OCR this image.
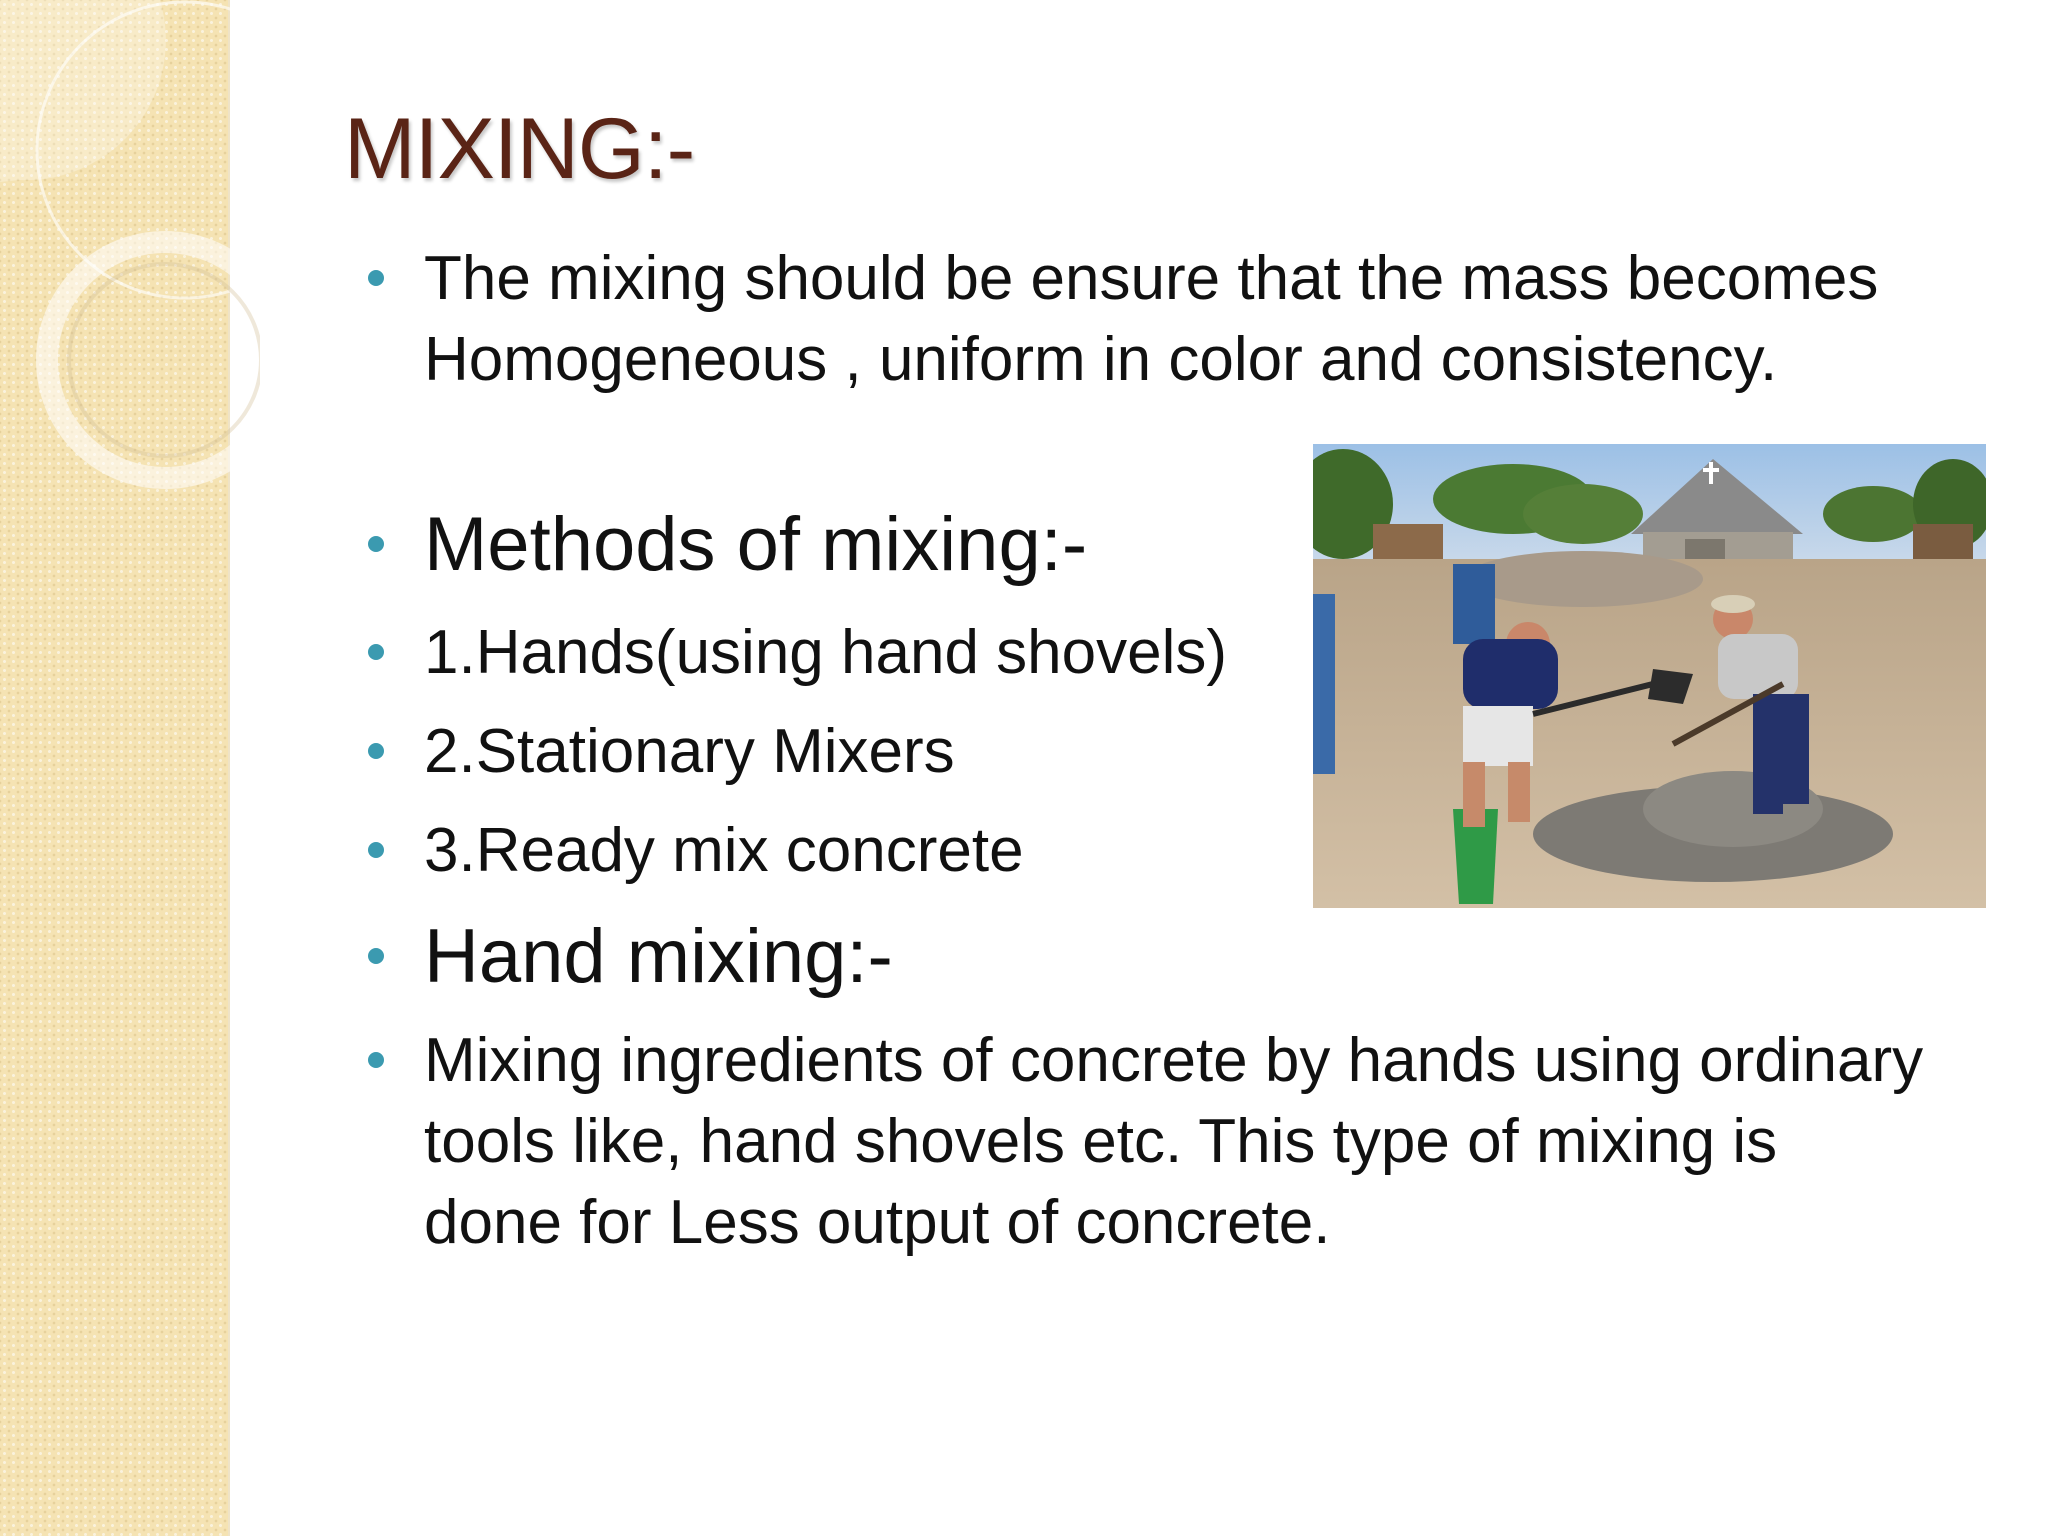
MIXING:-
The mixing should be ensure that the mass becomes Homogeneous , uniform in color and consistency.
Methods of mixing:-
1.Hands(using hand shovels)
2.Stationary Mixers
3.Ready mix concrete
Hand mixing:-
Mixing ingredients of concrete by hands using ordinary tools like, hand shovels etc. This type of mixing is done for Less output of concrete.
